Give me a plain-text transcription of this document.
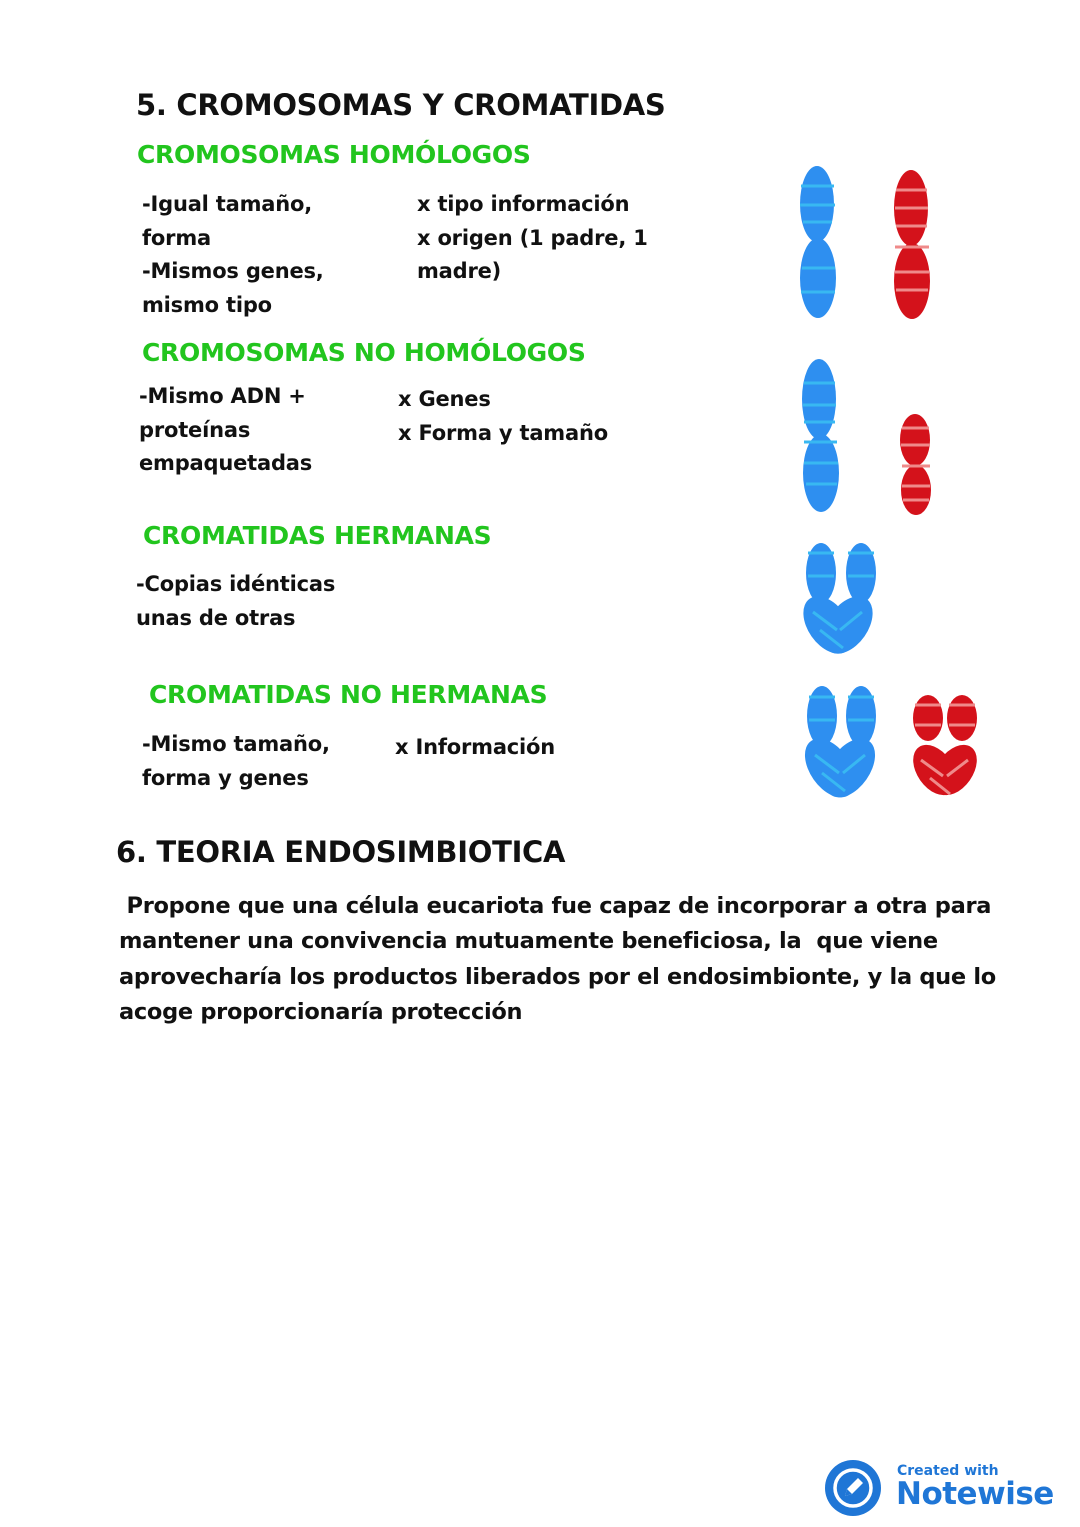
5. CROMOSOMAS Y CROMATIDAS
CROMOSOMAS HOMÓLOGOS
-Igual tamaño,
forma
-Mismos genes,
mismo tipo
x tipo información
x origen (1 padre, 1
madre)
CROMOSOMAS NO HOMÓLOGOS
-Mismo ADN +
proteínas
empaquetadas
x Genes
x Forma y tamaño
CROMATIDAS HERMANAS
-Copias idénticas
unas de otras
CROMATIDAS NO HERMANAS
-Mismo tamaño,
forma y genes
x Información
6. TEORIA ENDOSIMBIOTICA
Propone que una célula eucariota fue capaz de incorporar a otra para
mantener una convivencia mutuamente beneficiosa, la  que viene
aprovecharía los productos liberados por el endosimbionte, y la que lo
acoge proporcionaría protección
Created with
Notewise
